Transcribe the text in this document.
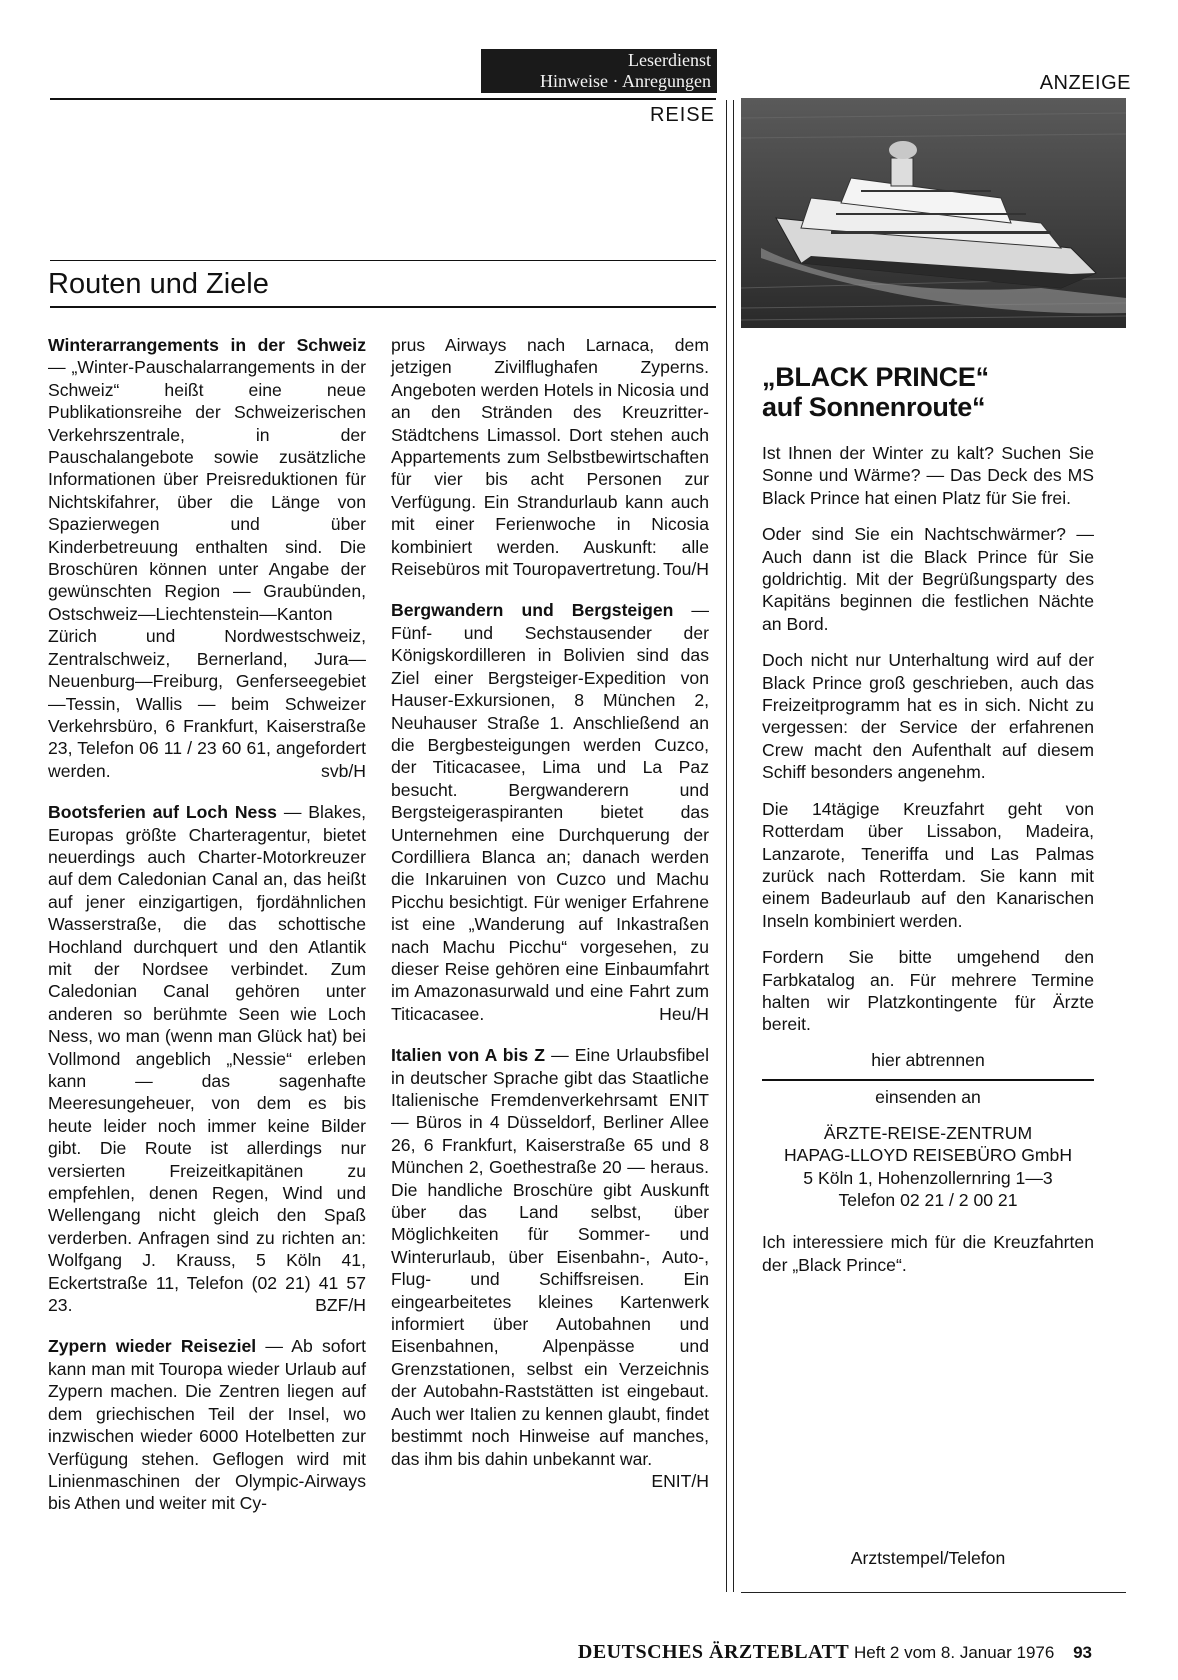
Leserdienst
Hinweise · Anregungen	ANZEIGE
REISE
Routen und Ziele

Winterarrangements in der Schweiz — „Winter-Pauschalarrangements in der Schweiz“ heißt eine neue Publikationsreihe der Schweizerischen Verkehrszentrale, in der Pauschalangebote sowie zusätzliche Informationen über Preisreduktionen für Nichtskifahrer, über die Länge von Spazierwegen und über Kinderbetreuung enthalten sind. Die Broschüren können unter Angabe der gewünschten Region — Graubünden, Ostschweiz—Liechtenstein—Kanton Zürich und Nordwestschweiz, Zentralschweiz, Bernerland, Jura—Neuenburg—Freiburg, Genferseegebiet—Tessin, Wallis — beim Schweizer Verkehrsbüro, 6 Frankfurt, Kaiserstraße 23, Telefon 06 11 / 23 60 61, angefordert werden.	svb/H

Bootsferien auf Loch Ness — Blakes, Europas größte Charteragentur, bietet neuerdings auch Charter-Motorkreuzer auf dem Caledonian Canal an, das heißt auf jener einzigartigen, fjordähnlichen Wasserstraße, die das schottische Hochland durchquert und den Atlantik mit der Nordsee verbindet. Zum Caledonian Canal gehören unter anderen so berühmte Seen wie Loch Ness, wo man (wenn man Glück hat) bei Vollmond angeblich „Nessie“ erleben kann — das sagenhafte Meeresungeheuer, von dem es bis heute leider noch immer keine Bilder gibt. Die Route ist allerdings nur versierten Freizeitkapitänen zu empfehlen, denen Regen, Wind und Wellengang nicht gleich den Spaß verderben. Anfragen sind zu richten an: Wolfgang J. Krauss, 5 Köln 41, Eckertstraße 11, Telefon (02 21) 41 57 23.	BZF/H

Zypern wieder Reiseziel — Ab sofort kann man mit Touropa wieder Urlaub auf Zypern machen. Die Zentren liegen auf dem griechischen Teil der Insel, wo inzwischen wieder 6000 Hotelbetten zur Verfügung stehen. Geflogen wird mit Linienmaschinen der Olympic-Airways bis Athen und weiter mit Cy-

prus Airways nach Larnaca, dem jetzigen Zivilflughafen Zyperns. Angeboten werden Hotels in Nicosia und an den Stränden des Kreuzritter-Städtchens Limassol. Dort stehen auch Appartements zum Selbstbewirtschaften für vier bis acht Personen zur Verfügung. Ein Strandurlaub kann auch mit einer Ferienwoche in Nicosia kombiniert werden. Auskunft: alle Reisebüros mit Touropavertretung. Tou/H

Bergwandern und Bergsteigen — Fünf- und Sechstausender der Königskordilleren in Bolivien sind das Ziel einer Bergsteiger-Expedition von Hauser-Exkursionen, 8 München 2, Neuhauser Straße 1. Anschließend an die Bergbesteigungen werden Cuzco, der Titicacasee, Lima und La Paz besucht. Bergwanderern und Bergsteigeraspiranten bietet das Unternehmen eine Durchquerung der Cordilliera Blanca an; danach werden die Inkaruinen von Cuzco und Machu Picchu besichtigt. Für weniger Erfahrene ist eine „Wanderung auf Inkastraßen nach Machu Picchu“ vorgesehen, zu dieser Reise gehören eine Einbaumfahrt im Amazonasurwald und eine Fahrt zum Titicacasee.	Heu/H

Italien von A bis Z — Eine Urlaubsfibel in deutscher Sprache gibt das Staatliche Italienische Fremdenverkehrsamt ENIT — Büros in 4 Düsseldorf, Berliner Allee 26, 6 Frankfurt, Kaiserstraße 65 und 8 München 2, Goethestraße 20 — heraus. Die handliche Broschüre gibt Auskunft über das Land selbst, über Möglichkeiten für Sommer- und Winterurlaub, über Eisenbahn-, Auto-, Flug- und Schiffsreisen. Ein eingearbeitetes kleines Kartenwerk informiert über Autobahnen und Eisenbahnen, Alpenpässe und Grenzstationen, selbst ein Verzeichnis der Autobahn-Raststätten ist eingebaut. Auch wer Italien zu kennen glaubt, findet bestimmt noch Hinweise auf manches, das ihm bis dahin unbekannt war.
ENIT/H

„BLACK PRINCE“
auf Sonnenroute“

Ist Ihnen der Winter zu kalt? Suchen Sie Sonne und Wärme? — Das Deck des MS Black Prince hat einen Platz für Sie frei.

Oder sind Sie ein Nachtschwärmer? — Auch dann ist die Black Prince für Sie goldrichtig. Mit der Begrüßungsparty des Kapitäns beginnen die festlichen Nächte an Bord.

Doch nicht nur Unterhaltung wird auf der Black Prince groß geschrieben, auch das Freizeitprogramm hat es in sich. Nicht zu vergessen: der Service der erfahrenen Crew macht den Aufenthalt auf diesem Schiff besonders angenehm.

Die 14tägige Kreuzfahrt geht von Rotterdam über Lissabon, Madeira, Lanzarote, Teneriffa und Las Palmas zurück nach Rotterdam. Sie kann mit einem Badeurlaub auf den Kanarischen Inseln kombiniert werden.

Fordern Sie bitte umgehend den Farbkatalog an. Für mehrere Termine halten wir Platzkontingente für Ärzte bereit.

hier abtrennen
einsenden an
ÄRZTE-REISE-ZENTRUM
HAPAG-LLOYD REISEBÜRO GmbH
5 Köln 1, Hohenzollernring 1—3
Telefon 02 21 / 2 00 21
Ich interessiere mich für die Kreuzfahrten der „Black Prince“.
Arztstempel/Telefon
DEUTSCHES ÄRZTEBLATT Heft 2 vom 8. Januar 1976 93
